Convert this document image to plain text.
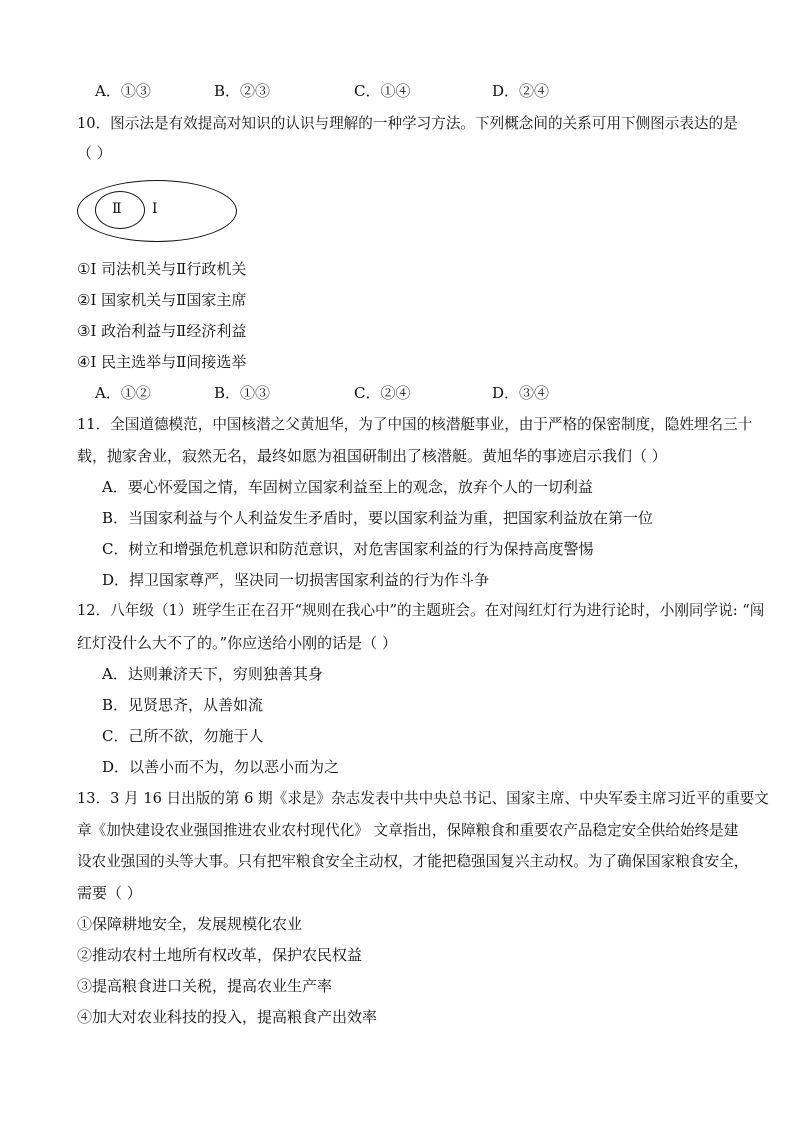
A．①③	B．②③	C．①④	D．②④
10．图示法是有效提高对知识的认识与理解的一种学习方法。下列概念间的关系可用下侧图示表达的是
（ ）
Ⅱ I
①I 司法机关与Ⅱ行政机关
②I 国家机关与Ⅱ国家主席
③I 政治利益与Ⅱ经济利益
④I 民主选举与Ⅱ间接选举
A．①②	B．①③	C．②④	D．③④
11．全国道德模范，中国核潜之父黄旭华，为了中国的核潜艇事业，由于严格的保密制度，隐姓埋名三十
载，抛家舍业，寂然无名，最终如愿为祖国研制出了核潜艇。黄旭华的事迹启示我们（ ）
A．要心怀爱国之情，车固树立国家利益至上的观念，放弃个人的一切利益
B．当国家利益与个人利益发生矛盾时，要以国家利益为重，把国家利益放在第一位
C．树立和增强危机意识和防范意识，对危害国家利益的行为保持高度警惕
D．捍卫国家尊严，坚决同一切损害国家利益的行为作斗争
12．八年级（1）班学生正在召开“规则在我心中”的主题班会。在对闯红灯行为进行论时，小刚同学说: “闯
红灯没什么大不了的。”你应送给小刚的话是（ ）
A．达则兼济天下，穷则独善其身
B．见贤思齐，从善如流
C．己所不欲，勿施于人
D．以善小而不为，勿以恶小而为之
13．3 月 16 日出版的第 6 期《求是》杂志发表中共中央总书记、国家主席、中央军委主席习近平的重要文
章《加快建设农业强国推进农业农村现代化》 文章指出，保障粮食和重要农产品稳定安全供给始终是建
设农业强国的头等大事。只有把牢粮食安全主动权，才能把稳强国复兴主动权。为了确保国家粮食安全，
需要（ ）
①保障耕地安全，发展规模化农业
②推动农村土地所有权改革，保护农民权益
③提高粮食进口关税，提高农业生产率
④加大对农业科技的投入，提高粮食产出效率
